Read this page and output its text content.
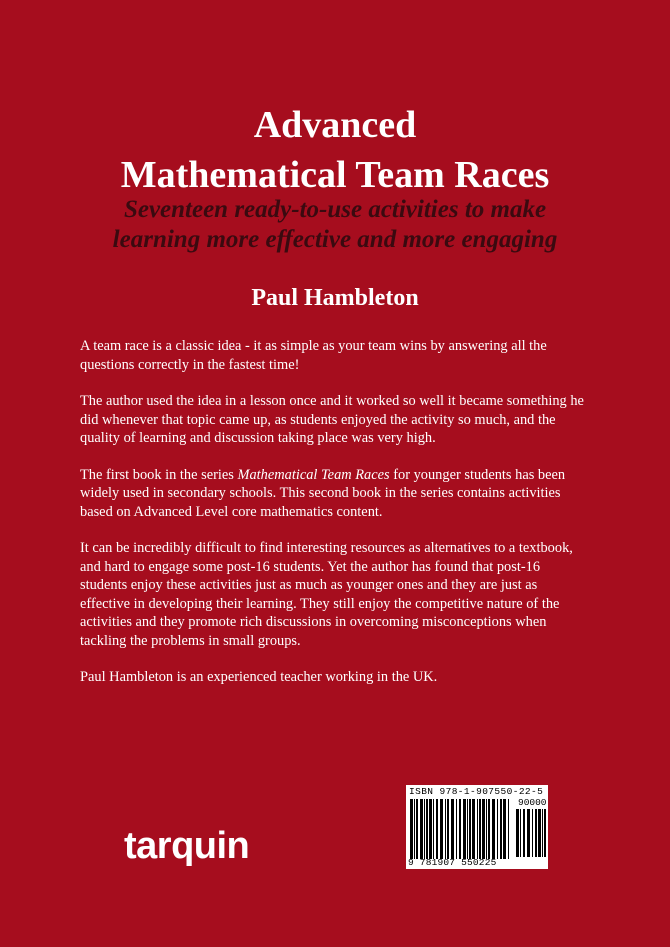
Advanced
Mathematical Team Races
Seventeen ready-to-use activities to make
learning more effective and more engaging
Paul Hambleton

A team race is a classic idea - it as simple as your team wins by answering all the questions correctly in the fastest time!

The author used the idea in a lesson once and it worked so well it became something he did whenever that topic came up, as students enjoyed the activity so much, and the quality of learning and discussion taking place was very high.

The first book in the series Mathematical Team Races for younger students has been widely used in secondary schools. This second book in the series contains activities based on Advanced Level core mathematics content.

It can be incredibly difficult to find interesting resources as alternatives to a textbook, and hard to engage some post-16 students. Yet the author has found that post-16 students enjoy these activities just as much as younger ones and they are just as effective in developing their learning. They still enjoy the competitive nature of the activities and they promote rich discussions in overcoming misconceptions when tackling the problems in small groups.

Paul Hambleton is an experienced teacher working in the UK.

tarquin
ISBN 978-1-907550-22-5
90000
9 781907 550225
